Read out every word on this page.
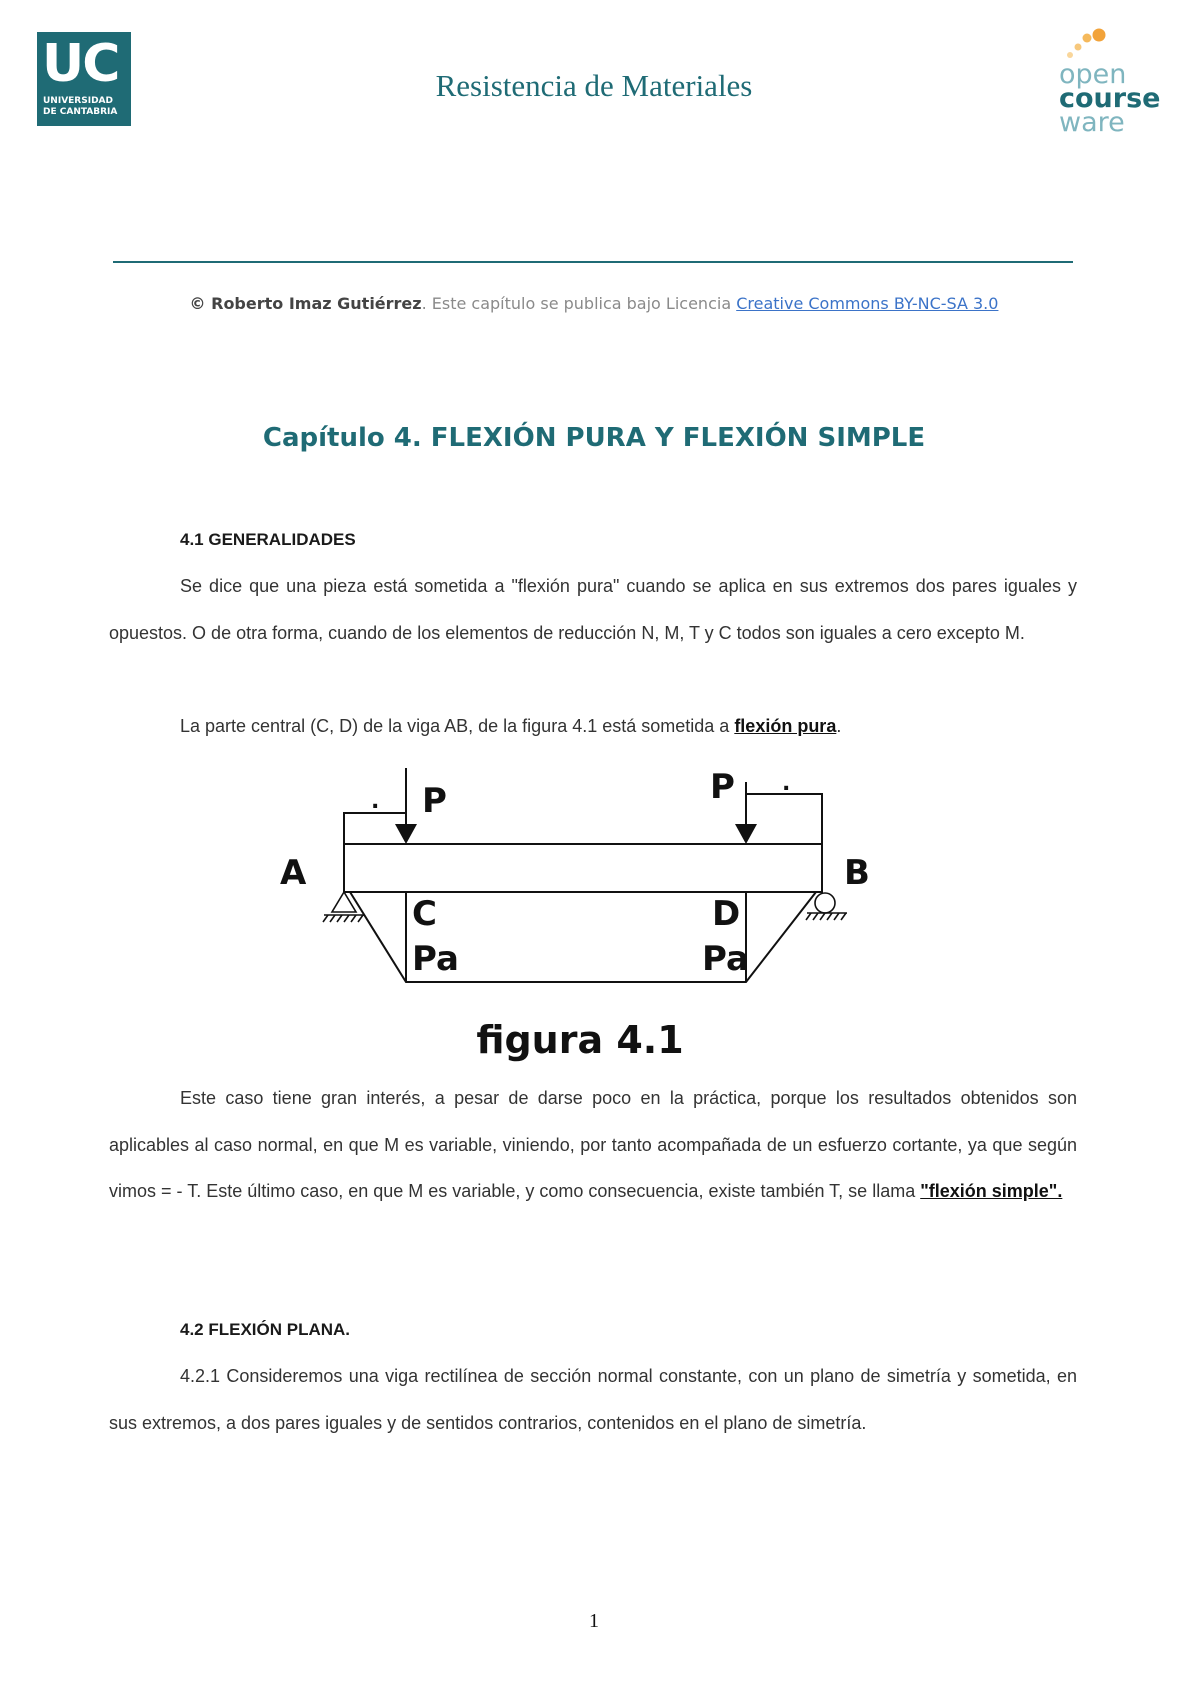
UC
UNIVERSIDAD
DE CANTABRIA
Resistencia de Materiales	open
course
ware
© Roberto Imaz Gutiérrez. Este capítulo se publica bajo Licencia Creative Commons BY-NC-SA 3.0
Capítulo 4. FLEXIÓN PURA Y FLEXIÓN SIMPLE
4.1 GENERALIDADES
Se dice que una pieza está sometida a "flexión pura" cuando se aplica en sus extremos dos pares iguales y opuestos. O de otra forma, cuando de los elementos de reducción N, M, T y C todos son iguales a cero excepto M.
La parte central (C, D) de la viga AB, de la figura 4.1 está sometida a flexión pura.
A	B
C	D
P	P
Pa	Pa
.
.
figura 4.1
Este caso tiene gran interés, a pesar de darse poco en la práctica, porque los resultados obtenidos son aplicables al caso normal, en que M es variable, viniendo, por tanto acompañada de un esfuerzo cortante, ya que según vimos = - T. Este último caso, en que M es variable, y como consecuencia, existe también T, se llama "flexión simple".
4.2 FLEXIÓN PLANA.
4.2.1 Consideremos una viga rectilínea de sección normal constante, con un plano de simetría y sometida, en sus extremos, a dos pares iguales y de sentidos contrarios, contenidos en el plano de simetría.
1
